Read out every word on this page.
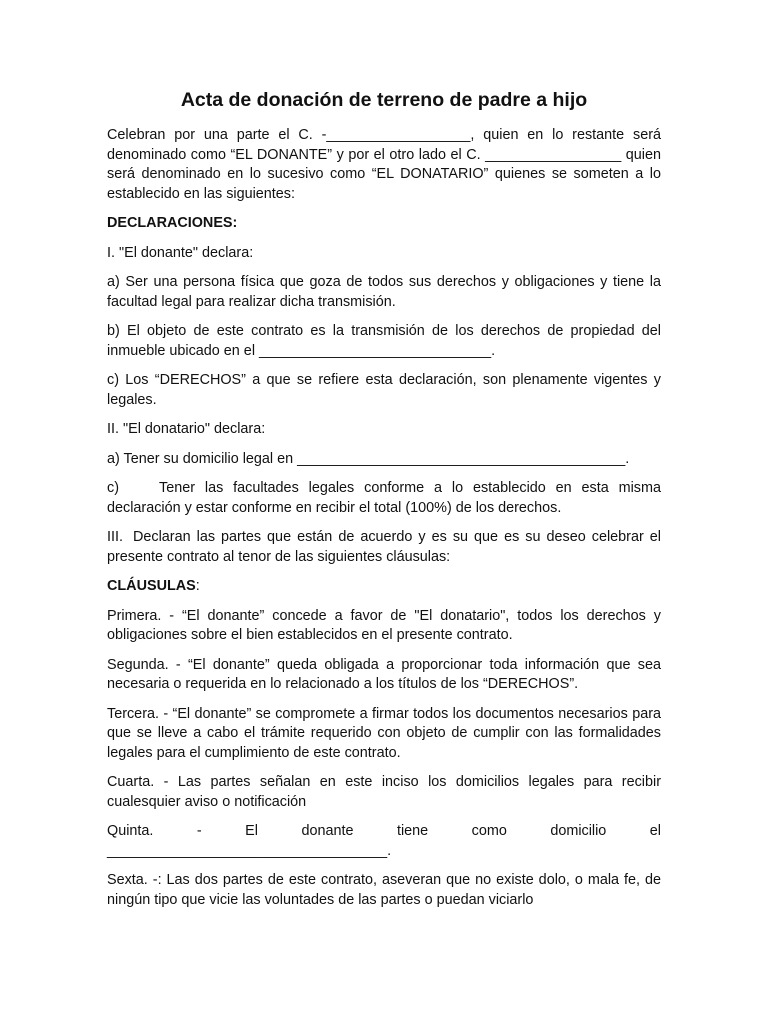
Acta de donación de terreno de padre a hijo

Celebran por una parte el C. -__________________, quien en lo restante será denominado como “EL DONANTE” y por el otro lado el C. _________________ quien será denominado en lo sucesivo como “EL DONATARIO” quienes se someten a lo establecido en las siguientes:

DECLARACIONES:

I. "El donante" declara:

a) Ser una persona física que goza de todos sus derechos y obligaciones y tiene la facultad legal para realizar dicha transmisión.

b) El objeto de este contrato es la transmisión de los derechos de propiedad del inmueble ubicado en el _____________________________.

c) Los “DERECHOS” a que se refiere esta declaración, son plenamente vigentes y legales.

II. "El donatario" declara:

a) Tener su domicilio legal en _________________________________________.

c)	Tener las facultades legales conforme a lo establecido en esta misma declaración y estar conforme en recibir el total (100%) de los derechos.

III. Declaran las partes que están de acuerdo y es su que es su deseo celebrar el presente contrato al tenor de las siguientes cláusulas:

CLÁUSULAS:

Primera. - “El donante” concede a favor de "El donatario", todos los derechos y obligaciones sobre el bien establecidos en el presente contrato.

Segunda. - “El donante” queda obligada a proporcionar toda información que sea necesaria o requerida en lo relacionado a los títulos de los “DERECHOS”.

Tercera. - “El donante” se compromete a firmar todos los documentos necesarios para que se lleve a cabo el trámite requerido con objeto de cumplir con las formalidades legales para el cumplimiento de este contrato.

Cuarta. - Las partes señalan en este inciso los domicilios legales para recibir cualesquier aviso o notificación

Quinta. - El donante tiene como domicilio el

___________________________________.

Sexta. -: Las dos partes de este contrato, aseveran que no existe dolo, o mala fe, de ningún tipo que vicie las voluntades de las partes o puedan viciarlo
